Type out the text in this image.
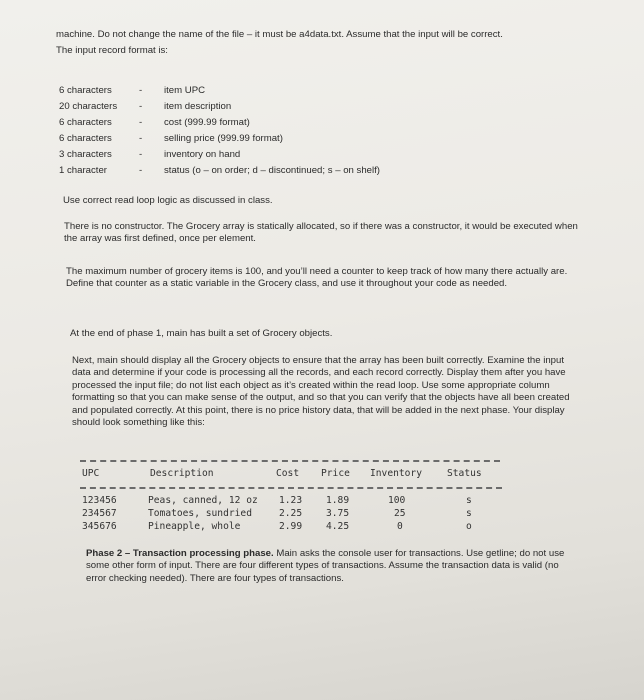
machine. Do not change the name of the file – it must be a4data.txt. Assume that the input will be correct.
The input record format is:
6 characters	- item UPC
20 characters - item description
6 characters	- cost (999.99 format)
6 characters	- selling price (999.99 format)
3 characters	- inventory on hand
1 character	- status (o – on order; d – discontinued; s – on shelf)
Use correct read loop logic as discussed in class.
There is no constructor. The Grocery array is statically allocated, so if there was a constructor, it would be executed when the array was first defined, once per element.
The maximum number of grocery items is 100, and you’ll need a counter to keep track of how many there actually are. Define that counter as a static variable in the Grocery class, and use it throughout your code as needed.
At the end of phase 1, main has built a set of Grocery objects.
Next, main should display all the Grocery objects to ensure that the array has been built correctly. Examine the input data and determine if your code is processing all the records, and each record correctly. Display them after you have processed the input file; do not list each object as it’s created within the read loop. Use some appropriate column formatting so that you can make sense of the output, and so that you can verify that the objects have all been created and populated correctly. At this point, there is no price history data, that will be added in the next phase. Your display should look something like this:
UPC	Description	Cost Price Inventory	Status
123456	Peas, canned, 12 oz 1.23 1.89	100	s
234567	Tomatoes, sundried	2.25 3.75	25	s
345676	Pineapple, whole	2.99 4.25	0	o
Phase 2 – Transaction processing phase. Main asks the console user for transactions. Use getline; do not use some other form of input. There are four different types of transactions. Assume the transaction data is valid (no error checking needed). There are four types of transactions.
